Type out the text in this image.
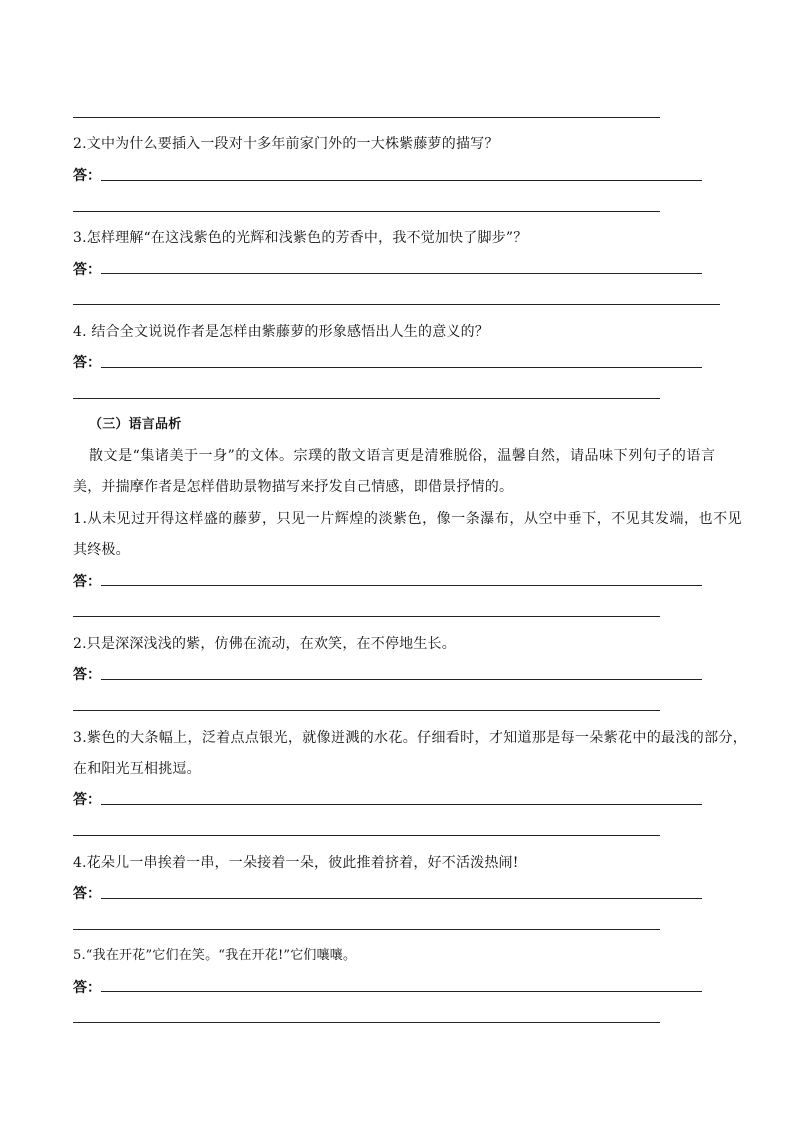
2.文中为什么要插入一段对十多年前家门外的一大株紫藤萝的描写？
答：
3.怎样理解“在这浅紫色的光辉和浅紫色的芳香中，我不觉加快了脚步”？
答：
4. 结合全文说说作者是怎样由紫藤萝的形象感悟出人生的意义的？
答：
（三）语言品析
散文是“集诸美于一身”的文体。宗璞的散文语言更是清雅脱俗，温馨自然，请品味下列句子的语言
美，并揣摩作者是怎样借助景物描写来抒发自己情感，即借景抒情的。
1.从未见过开得这样盛的藤萝，只见一片辉煌的淡紫色，像一条瀑布，从空中垂下，不见其发端，也不见
其终极。
答：
2.只是深深浅浅的紫，仿佛在流动，在欢笑，在不停地生长。
答：
3.紫色的大条幅上，泛着点点银光，就像迸溅的水花。仔细看时，才知道那是每一朵紫花中的最浅的部分，
在和阳光互相挑逗。
答：
4.花朵儿一串挨着一串，一朵接着一朵，彼此推着挤着，好不活泼热闹!
答：
5.“我在开花”它们在笑。“我在开花!”它们嚷嚷。
答：
